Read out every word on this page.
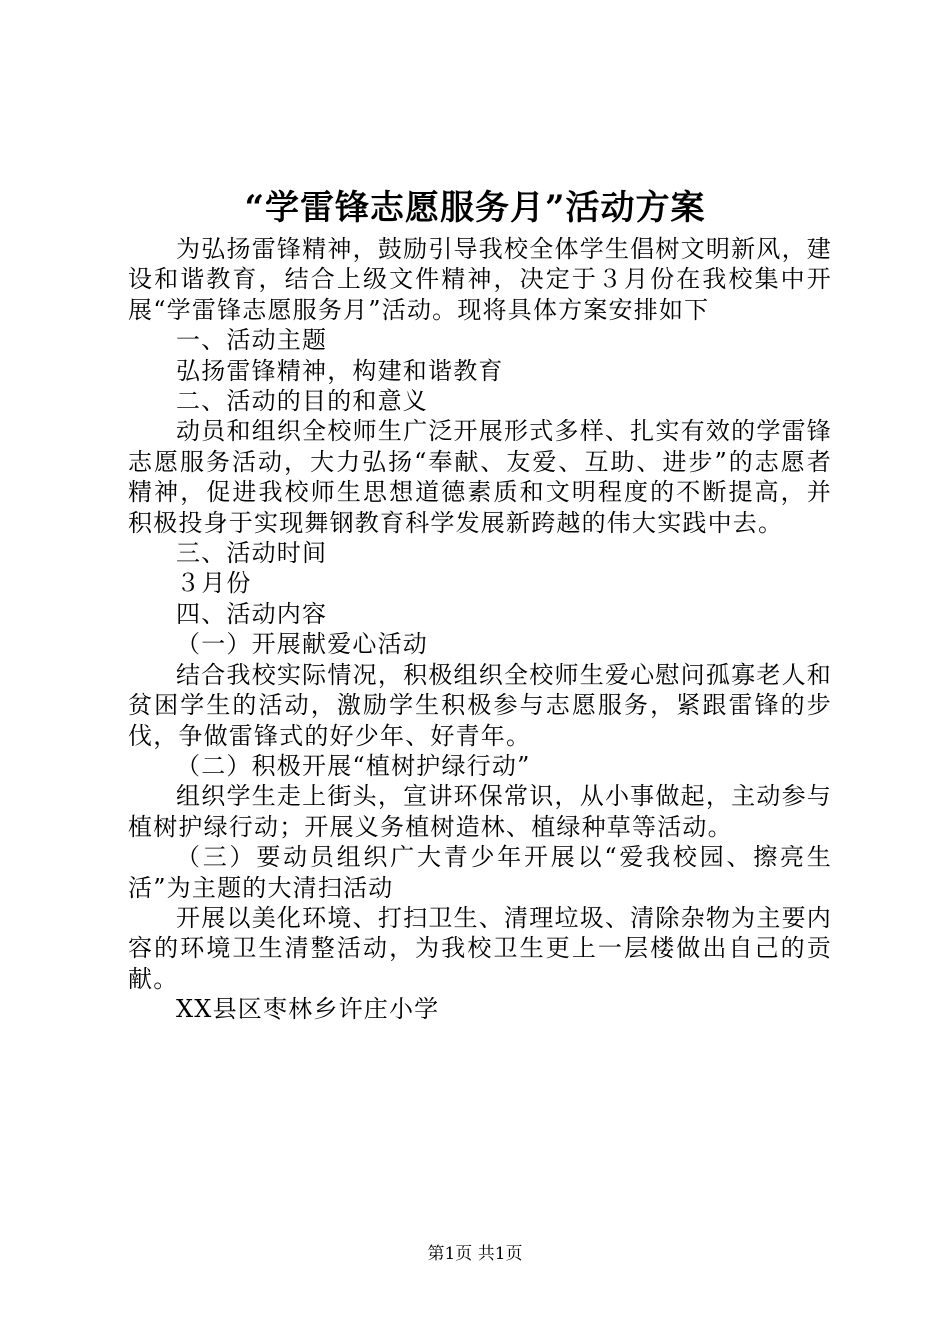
“学雷锋志愿服务月”活动方案

为弘扬雷锋精神，鼓励引导我校全体学生倡树文明新风，建设和谐教育，结合上级文件精神，决定于３月份在我校集中开展“学雷锋志愿服务月”活动。现将具体方案安排如下

一、活动主题

弘扬雷锋精神，构建和谐教育

二、活动的目的和意义

动员和组织全校师生广泛开展形式多样、扎实有效的学雷锋志愿服务活动，大力弘扬“奉献、友爱、互助、进步”的志愿者精神，促进我校师生思想道德素质和文明程度的不断提高，并积极投身于实现舞钢教育科学发展新跨越的伟大实践中去。

三、活动时间

３月份

四、活动内容

（一）开展献爱心活动

结合我校实际情况，积极组织全校师生爱心慰问孤寡老人和贫困学生的活动，激励学生积极参与志愿服务，紧跟雷锋的步伐，争做雷锋式的好少年、好青年。

（二）积极开展“植树护绿行动”

组织学生走上街头，宣讲环保常识，从小事做起，主动参与植树护绿行动；开展义务植树造林、植绿种草等活动。

（三）要动员组织广大青少年开展以“爱我校园、擦亮生活”为主题的大清扫活动

开展以美化环境、打扫卫生、清理垃圾、清除杂物为主要内容的环境卫生清整活动，为我校卫生更上一层楼做出自己的贡献。

XX县区枣林乡许庄小学

第1页 共1页
